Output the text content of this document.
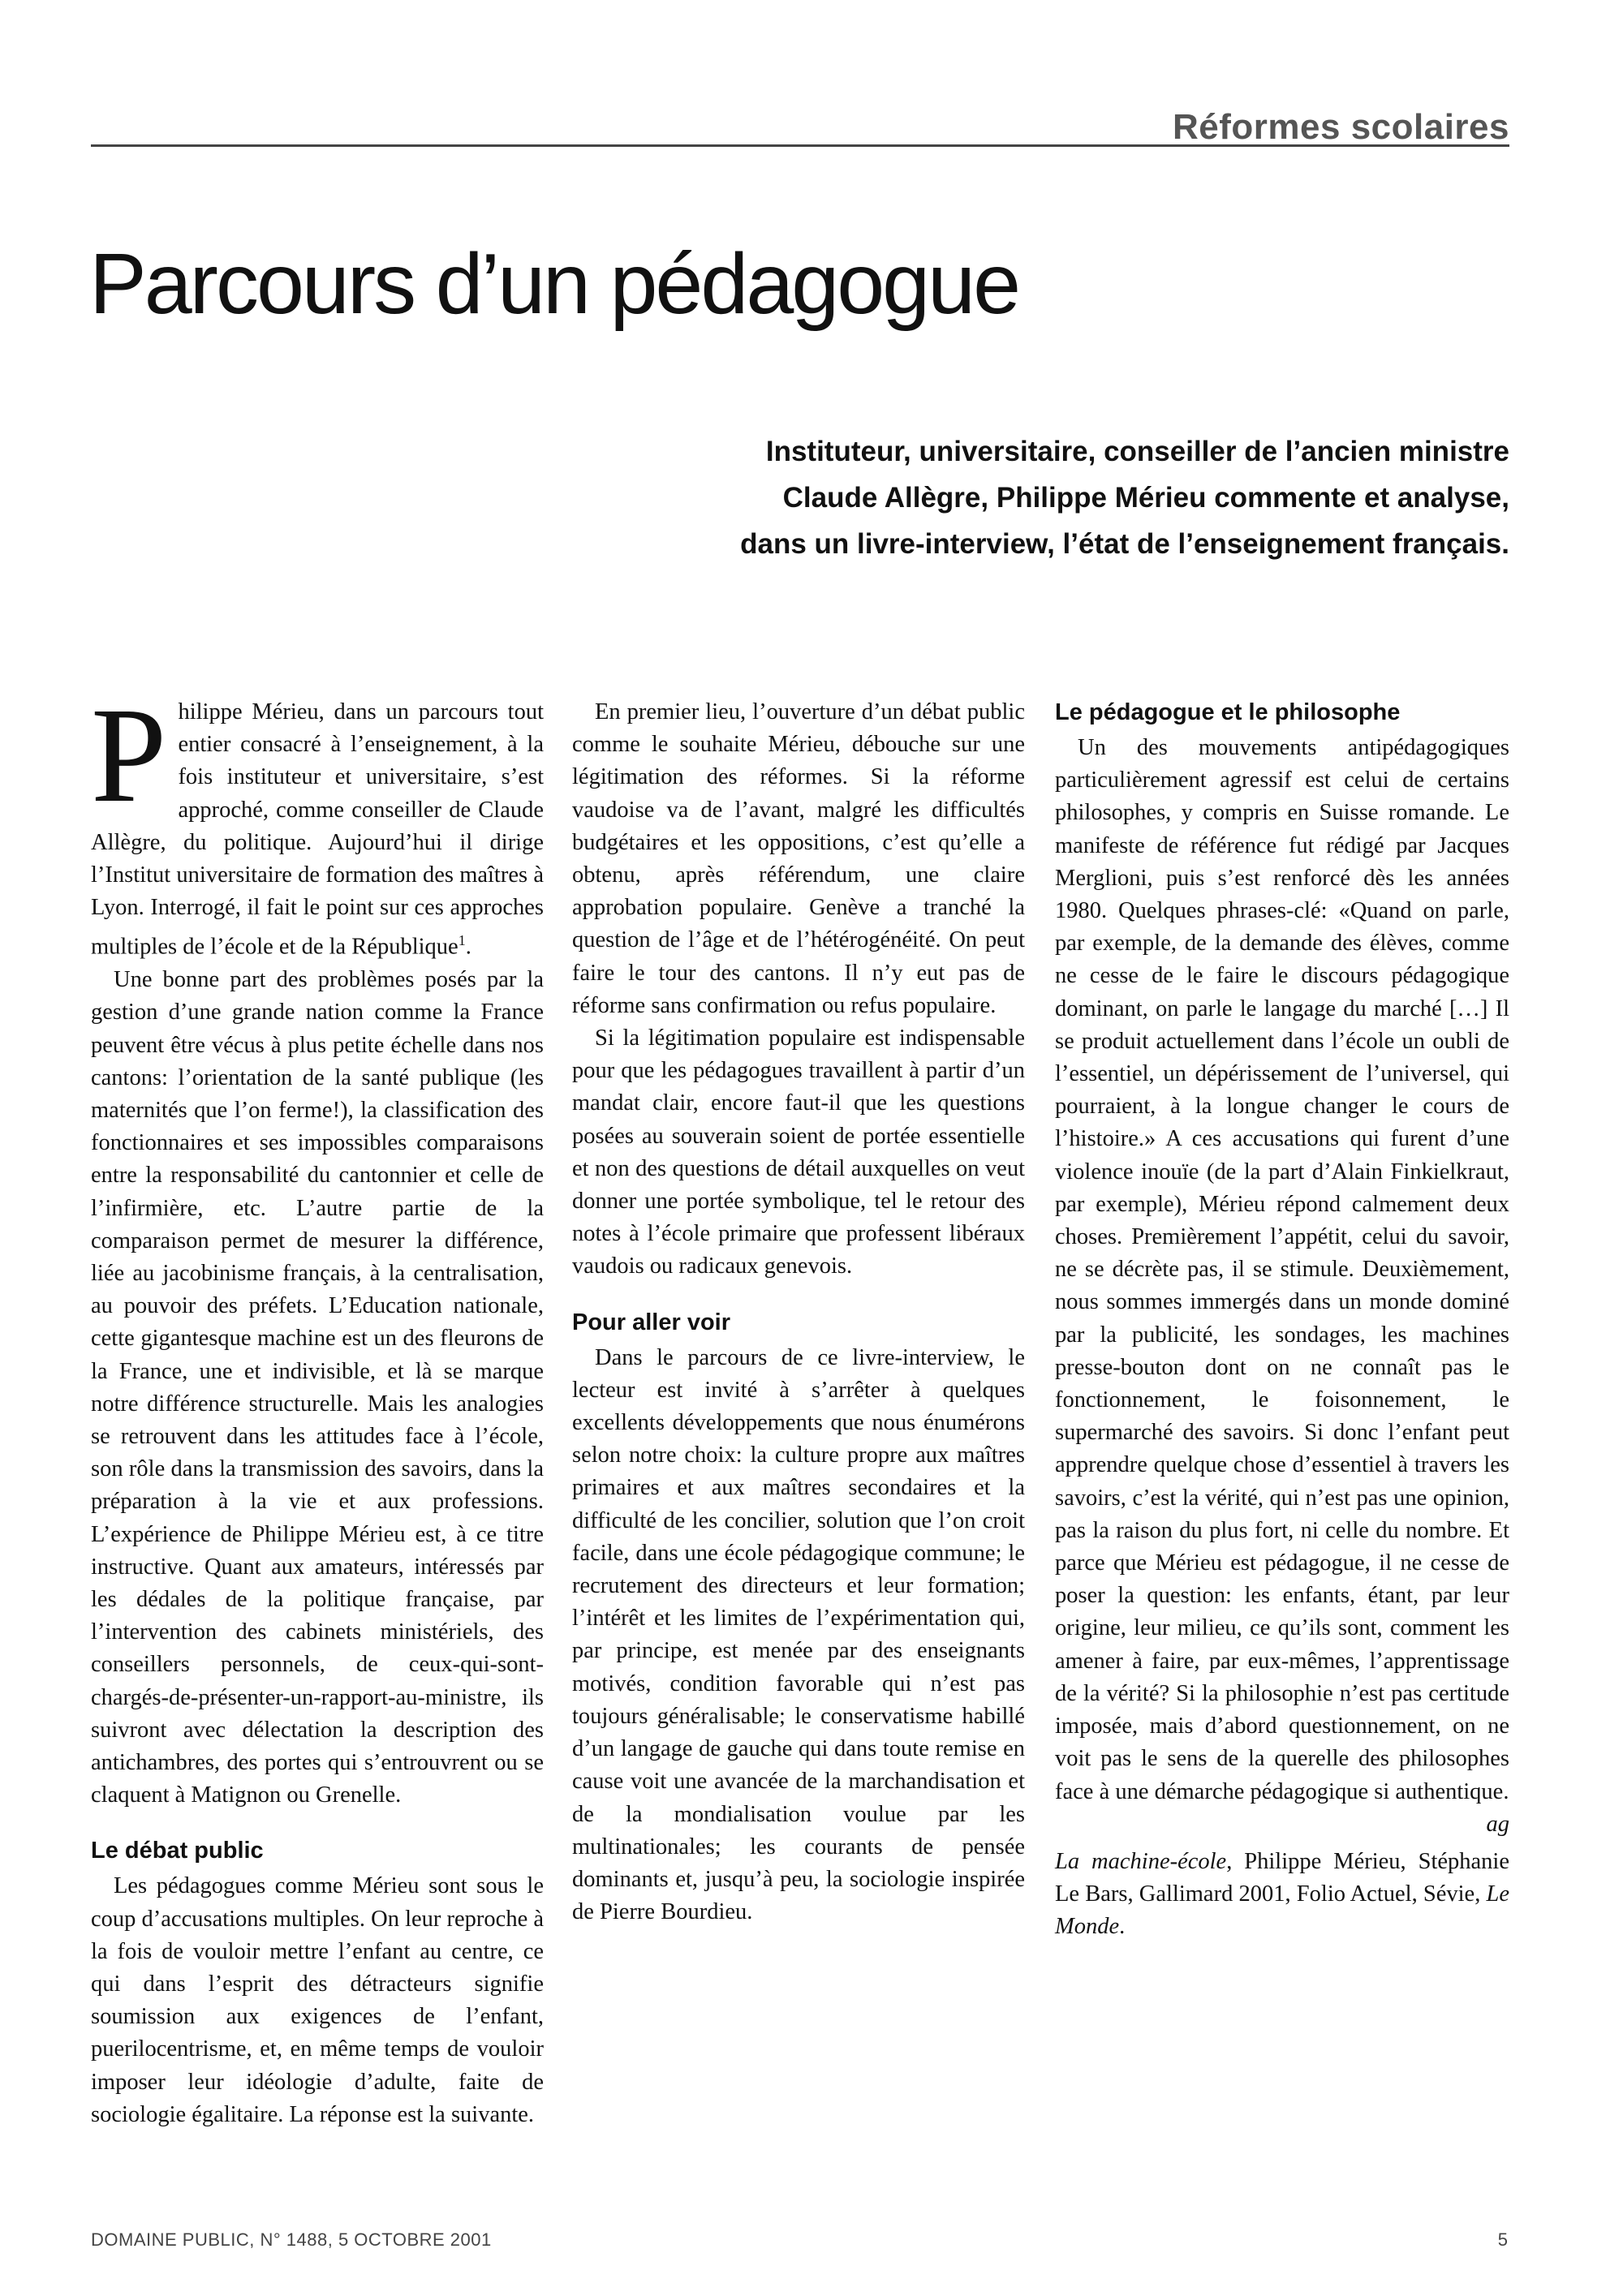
Réformes scolaires
Parcours d’un pédagogue
Instituteur, universitaire, conseiller de l’ancien ministre
Claude Allègre, Philippe Mérieu commente et analyse,
dans un livre-interview, l’état de l’enseignement français.

Philippe Mérieu, dans un parcours tout entier consacré à l’enseignement, à la fois instituteur et universitaire, s’est approché, comme conseiller de Claude Allègre, du politique. Aujourd’hui il dirige l’Institut universitaire de formation des maîtres à Lyon. Interrogé, il fait le point sur ces approches multiples de l’école et de la République$^1$.

Une bonne part des problèmes posés par la gestion d’une grande nation comme la France peuvent être vécus à plus petite échelle dans nos cantons: l’orientation de la santé publique (les maternités que l’on ferme!), la classification des fonctionnaires et ses impossibles comparaisons entre la responsabilité du cantonnier et celle de l’infirmière, etc. L’autre partie de la comparaison permet de mesurer la différence, liée au jacobinisme français, à la centralisation, au pouvoir des préfets. L’Education nationale, cette gigantesque machine est un des fleurons de la France, une et indivisible, et là se marque notre différence structurelle. Mais les analogies se retrouvent dans les attitudes face à l’école, son rôle dans la transmission des savoirs, dans la préparation à la vie et aux professions. L’expérience de Philippe Mérieu est, à ce titre instructive. Quant aux amateurs, intéressés par les dédales de la politique française, par l’intervention des cabinets ministériels, des conseillers personnels, de ceux-qui-sont-chargés-de-présenter-un-rapport-au-ministre, ils suivront avec délectation la description des antichambres, des portes qui s’entrouvrent ou se claquent à Matignon ou Grenelle.

Le débat public

Les pédagogues comme Mérieu sont sous le coup d’accusations multiples. On leur reproche à la fois de vouloir mettre l’enfant au centre, ce qui dans l’esprit des détracteurs signifie soumission aux exigences de l’enfant, puerilocentrisme, et, en même temps de vouloir imposer leur idéologie d’adulte, faite de sociologie égalitaire. La réponse est la suivante.

En premier lieu, l’ouverture d’un débat public comme le souhaite Mérieu, débouche sur une légitimation des réformes. Si la réforme vaudoise va de l’avant, malgré les difficultés budgétaires et les oppositions, c’est qu’elle a obtenu, après référendum, une claire approbation populaire. Genève a tranché la question de l’âge et de l’hétérogénéité. On peut faire le tour des cantons. Il n’y eut pas de réforme sans confirmation ou refus populaire.

Si la légitimation populaire est indispensable pour que les pédagogues travaillent à partir d’un mandat clair, encore faut-il que les questions posées au souverain soient de portée essentielle et non des questions de détail auxquelles on veut donner une portée symbolique, tel le retour des notes à l’école primaire que professent libéraux vaudois ou radicaux genevois.

Pour aller voir

Dans le parcours de ce livre-interview, le lecteur est invité à s’arrêter à quelques excellents développements que nous énumérons selon notre choix: la culture propre aux maîtres primaires et aux maîtres secondaires et la difficulté de les concilier, solution que l’on croit facile, dans une école pédagogique commune; le recrutement des directeurs et leur formation; l’intérêt et les limites de l’expérimentation qui, par principe, est menée par des enseignants motivés, condition favorable qui n’est pas toujours généralisable; le conservatisme habillé d’un langage de gauche qui dans toute remise en cause voit une avancée de la marchandisation et de la mondialisation voulue par les multinationales; les courants de pensée dominants et, jusqu’à peu, la sociologie inspirée de Pierre Bourdieu.

Le pédagogue et le philosophe

Un des mouvements antipédagogiques particulièrement agressif est celui de certains philosophes, y compris en Suisse romande. Le manifeste de référence fut rédigé par Jacques Merglioni, puis s’est renforcé dès les années 1980. Quelques phrases-clé: «Quand on parle, par exemple, de la demande des élèves, comme ne cesse de le faire le discours pédagogique dominant, on parle le langage du marché […] Il se produit actuellement dans l’école un oubli de l’essentiel, un dépérissement de l’universel, qui pourraient, à la longue changer le cours de l’histoire.» A ces accusations qui furent d’une violence inouïe (de la part d’Alain Finkielkraut, par exemple), Mérieu répond calmement deux choses. Premièrement l’appétit, celui du savoir, ne se décrète pas, il se stimule. Deuxièmement, nous sommes immergés dans un monde dominé par la publicité, les sondages, les machines presse-bouton dont on ne connaît pas le fonctionnement, le foisonnement, le supermarché des savoirs. Si donc l’enfant peut apprendre quelque chose d’essentiel à travers les savoirs, c’est la vérité, qui n’est pas une opinion, pas la raison du plus fort, ni celle du nombre. Et parce que Mérieu est pédagogue, il ne cesse de poser la question: les enfants, étant, par leur origine, leur milieu, ce qu’ils sont, comment les amener à faire, par eux-mêmes, l’apprentissage de la vérité? Si la philosophie n’est pas certitude imposée, mais d’abord questionnement, on ne voit pas le sens de la querelle des philosophes face à une démarche pédagogique si authentique.
ag

La machine-école, Philippe Mérieu, Stéphanie Le Bars, Gallimard 2001, Folio Actuel, Sévie, Le Monde.

DOMAINE PUBLIC, N° 1488, 5 OCTOBRE 2001	5
